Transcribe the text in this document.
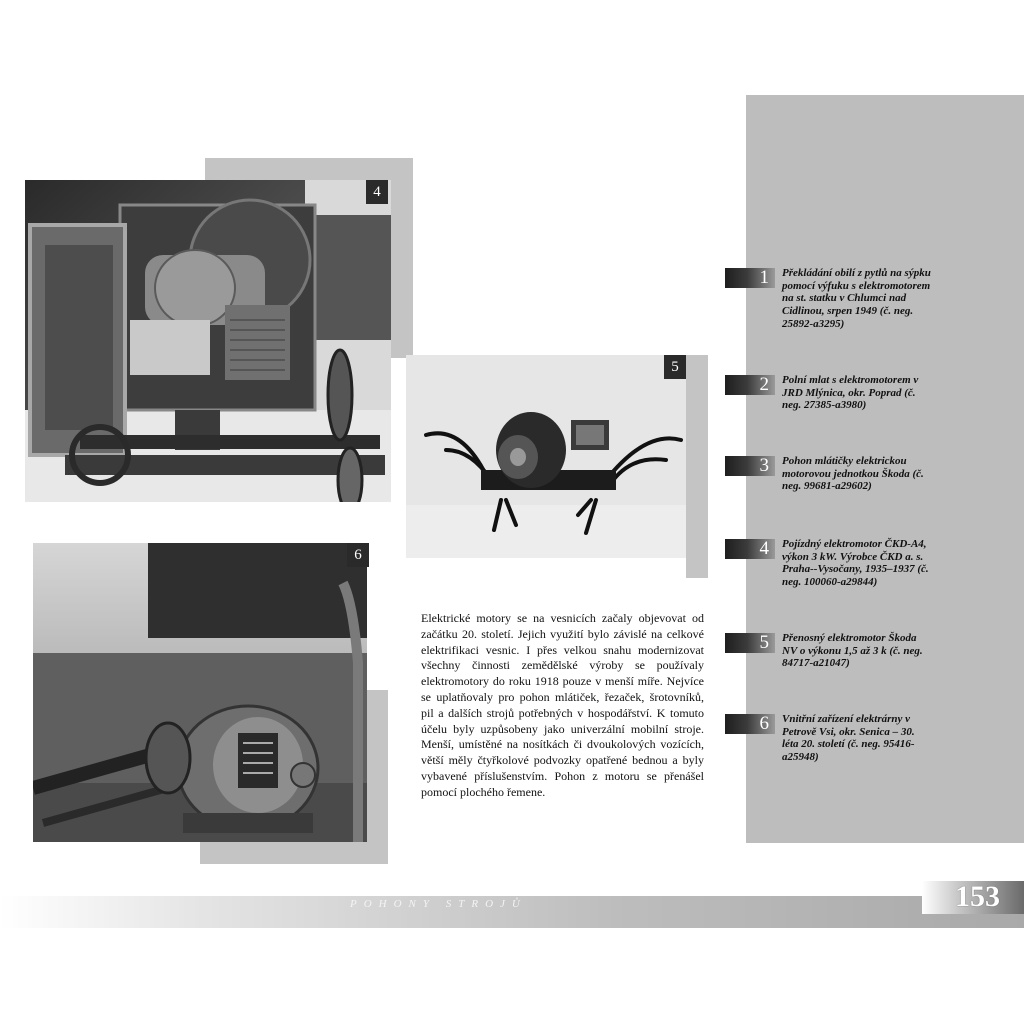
4
5
6

Elektrické motory se na vesnicích začaly objevovat od začátku 20. století. Jejich využití bylo závislé na celkové elektrifikaci vesnic. I přes velkou snahu modernizovat všechny činnosti zemědělské výroby se používaly elektromotory do roku 1918 pouze v menší míře. Nejvíce se uplatňovaly pro pohon mlátiček, řezaček, šrotovníků, pil a dalších strojů potřebných v hospodářství. K tomuto účelu byly uzpůsobeny jako univerzální mobilní stroje. Menší, umístěné na nosítkách či dvoukolových vozících, větší měly čtyřkolové podvozky opatřené bednou a byly vybavené příslušenstvím. Pohon z motoru se přenášel pomocí plochého řemene.

1	Překládání obilí z pytlů na sýpku pomocí výfuku s elektromotorem na st. statku v Chlumci nad Cidlinou, srpen 1949 (č. neg. 25892-a3295)
2	Polní mlat s elektromotorem v JRD Mlýnica, okr. Poprad (č. neg. 27385-a3980)
3	Pohon mlátičky elektrickou motorovou jednotkou Škoda (č. neg. 99681-a29602)
4	Pojízdný elektromotor ČKD-A4, výkon 3 kW. Výrobce ČKD a. s. Praha--Vysočany, 1935–1937 (č. neg. 100060-a29844)
5	Přenosný elektromotor Škoda NV o výkonu 1,5 až 3 k (č. neg. 84717-a21047)
6	Vnitřní zařízení elektrárny v Petrově Vsi, okr. Senica – 30. léta 20. století (č. neg. 95416-a25948)
POHONY STROJŮ	153
